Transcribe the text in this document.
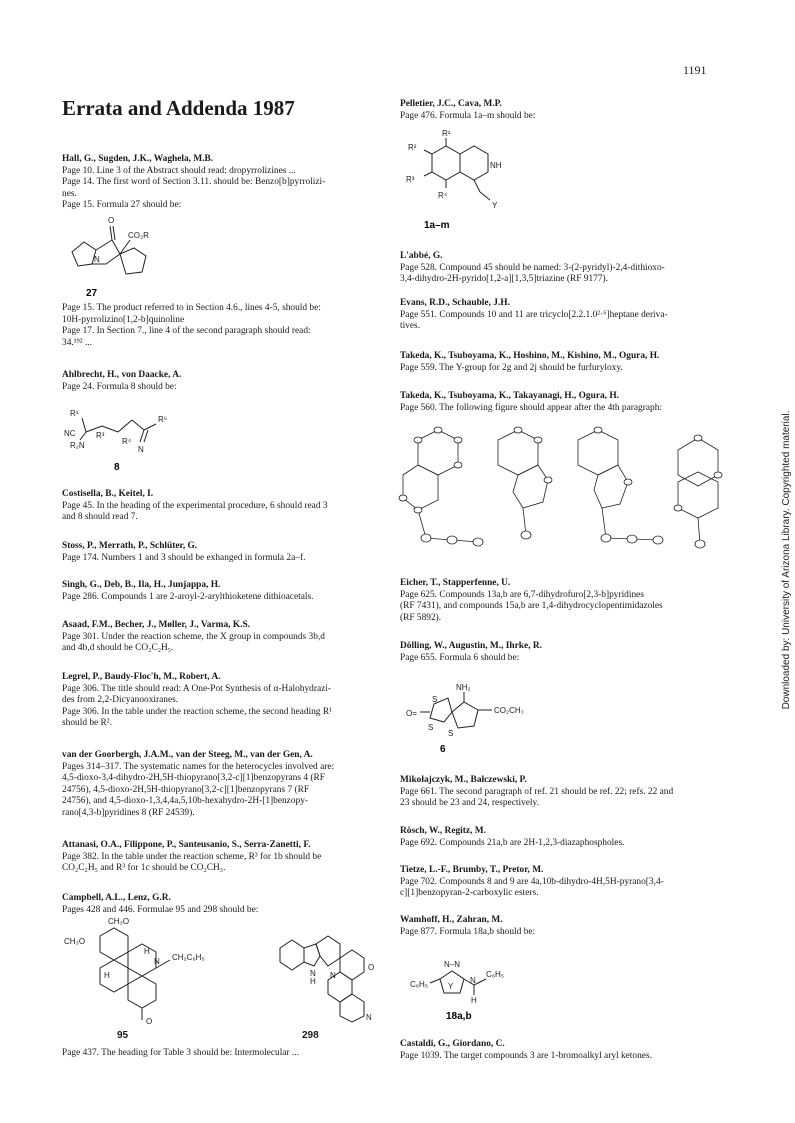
1191
Errata and Addenda 1987
Hall, G., Sugden, J.K., Waghela, M.B.
Page 10. Line 3 of the Abstract should read: dropyrrolizines ...
Page 14. The first word of Section 3.11. should be: Benzo[b]pyrrolizi-
nes.
Page 15. Formula 27 should be:
Page 15. The product referred to in Section 4.6., lines 4-5, should be:
10H-pyrrolizino[1,2-b]quinoline
Page 17. In Section 7., line 4 of the second paragraph should read:
34.¹⁹² ...
Ahlbrecht, H., von Daacke, A.
Page 24. Formula 8 should be:
Costisella, B., Keitel, I.
Page 45. In the heading of the experimental procedure, 6 should read 3
and 8 should read 7.
Stoss, P., Merrath, P., Schlüter, G.
Page 174. Numbers 1 and 3 should be exhanged in formula 2a–f.
Singh, G., Deb, B., Ila, H., Junjappa, H.
Page 286. Compounds 1 are 2-aroyl-2-arylthioketene dithioacetals.
Asaad, F.M., Becher, J., Møller, J., Varma, K.S.
Page 301. Under the reaction scheme, the X group in compounds 3b,d
and 4b,d should be CO₂C₂H₅.
Legrel, P., Baudy-Floc'h, M., Robert, A.
Page 306. The title should read: A One-Pot Synthesis of α-Halohydrazi-
des from 2,2-Dicyanooxiranes.
Page 306. In the table under the reaction scheme, the second heading R¹
should be R².
van der Goorbergh, J.A.M., van der Steeg, M., van der Gen, A.
Pages 314–317. The systematic names for the heterocycles involved are:
4,5-dioxo-3,4-dihydro-2H,5H-thiopyrano[3,2-c][1]benzopyrans 4 (RF
24756), 4,5-dioxo-2H,5H-thiopyrano[3,2-c][1]benzopyrans 7 (RF
24756), and 4,5-dioxo-1,3,4,4a,5,10b-hexahydro-2H-[1]benzopy-
rano[4,3-b]pyridines 8 (RF 24539).
Attanasi, O.A., Filippone, P., Santeusanio, S., Serra-Zanetti, F.
Page 382. In the table under the reaction scheme, R³ for 1b should be
CO₂C₂H₅ and R³ for 1c should be CO₂CH₃.
Campbell, A.L., Lenz, G.R.
Pages 428 and 446. Formulae 95 and 298 should be:
Page 437. The heading for Table 3 should be: Intermolecular ...
O
CO₂R
N
27
R¹
R⁵
NC	R³
R⁴
N
R₂N
8
CH₃O
CH₃O
H
N CH₂C₆H₅
H
O
95
N
H
N
O
N
298
Pelletier, J.C., Cava, M.P.
Page 476. Formula 1a–m should be:
L'abbé, G.
Page 528. Compound 45 should be named: 3-(2-pyridyl)-2,4-dithioxo-
3,4-dihydro-2H-pyrido[1,2-a][1,3,5]triazine (RF 9177).
Evans, R.D., Schauble, J.H.
Page 551. Compounds 10 and 11 are tricyclo[2.2.1.0²·⁶]heptane deriva-
tives.
Takeda, K., Tsuboyama, K., Hoshino, M., Kishino, M., Ogura, H.
Page 559. The Y-group for 2g and 2j should be furfuryloxy.
Takeda, K., Tsuboyama, K., Takayanagi, H., Ogura, H.
Page 560. The following figure should appear after the 4th paragraph:
Eicher, T., Stapperfenne, U.
Page 625. Compounds 13a,b are 6,7-dihydrofuro[2,3-b]pyridines
(RF 7431), and compounds 15a,b are 1,4-dihydrocyclopentimidazoles
(RF 5892).
Dölling, W., Augustin, M., Ihrke, R.
Page 655. Formula 6 should be:
Mikołajczyk, M., Bałczewski, P.
Page 661. The second paragraph of ref. 21 should be ref. 22; refs. 22 and
23 should be 23 and 24, respectively.
Rösch, W., Regitz, M.
Page 692. Compounds 21a,b are 2H-1,2,3-diazaphospholes.
Tietze, L.-F., Brumby, T., Pretor, M.
Page 702. Compounds 8 and 9 are 4a,10b-dihydro-4H,5H-pyrano[3,4-
c][1]benzopyran-2-carboxylic esters.
Wamhoff, H., Zahran, M.
Page 877. Formula 18a,b should be:
Castaldi, G., Giordano, C.
Page 1039. The target compounds 3 are 1-bromoalkyl aryl ketones.
R¹
R²
R³
R⁴
NH
Y
1a–m
NH₂
S
O=
S
S
CO₂CH₃
6
N–N
C₆H₅ Y
N
C₆H₅
H
18a,b
Downloaded by: University of Arizona Library. Copyrighted material.
